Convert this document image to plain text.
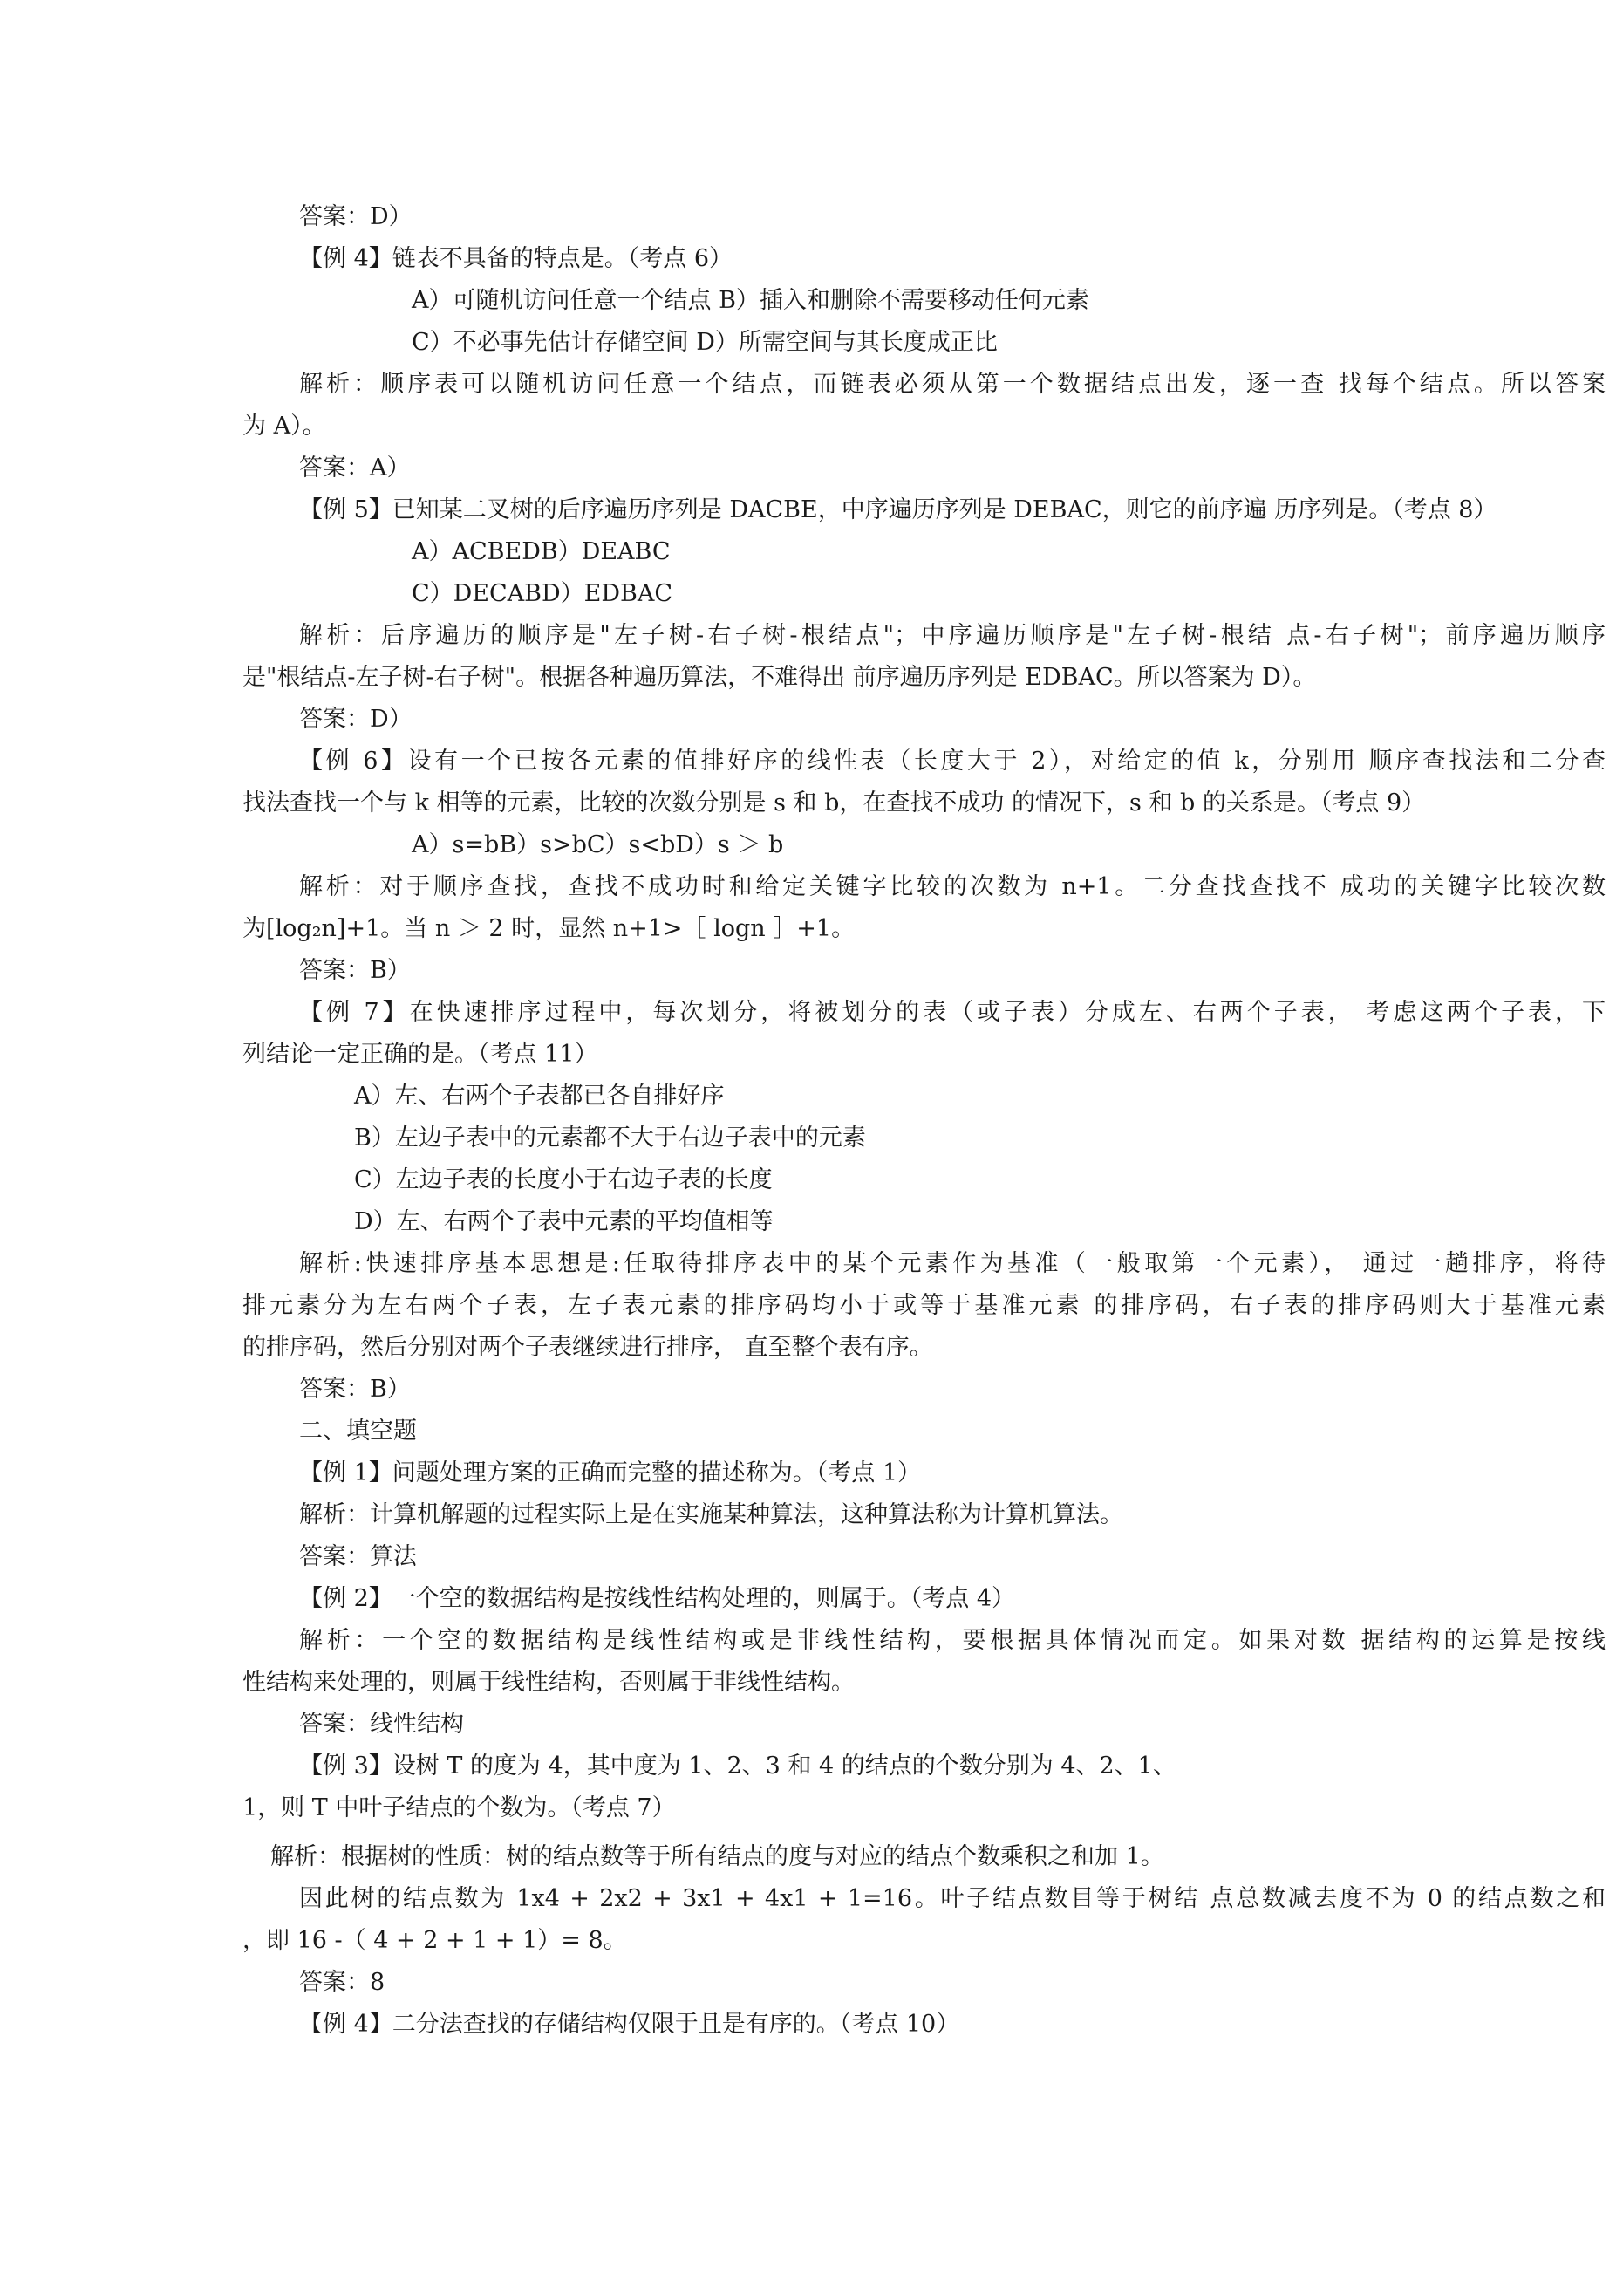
答案：D）
【例 4】链表不具备的特点是。（考点 6）
A）可随机访问任意一个结点 B）插入和删除不需要移动任何元素
C）不必事先估计存储空间 D）所需空间与其长度成正比
解析：顺序表可以随机访问任意一个结点，而链表必须从第一个数据结点出发，逐一查 找每个结点。所以答案
为 A）。
答案：A）
【例 5】已知某二叉树的后序遍历序列是 DACBE，中序遍历序列是 DEBAC，则它的前序遍 历序列是。（考点 8）
A）ACBEDB）DEABC
C）DECABD）EDBAC
解析：后序遍历的顺序是"左子树-右子树-根结点"；中序遍历顺序是"左子树-根结 点-右子树"；前序遍历顺序
是"根结点-左子树-右子树"。根据各种遍历算法，不难得出 前序遍历序列是 EDBAC。所以答案为 D）。
答案：D）
【例 6】设有一个已按各元素的值排好序的线性表（长度大于 2），对给定的值 k，分别用 顺序查找法和二分查
找法查找一个与 k 相等的元素，比较的次数分别是 s 和 b，在查找不成功 的情况下，s 和 b 的关系是。（考点 9）
A）s=bB）s>bC）s<bD）s ＞ b
解析：对于顺序查找，查找不成功时和给定关键字比较的次数为 n+1。二分查找查找不 成功的关键字比较次数
为[log₂n]+1。当 n ＞ 2 时，显然 n+1>［ logn ］+1。
答案：B）
【例 7】在快速排序过程中，每次划分，将被划分的表（或子表）分成左、右两个子表， 考虑这两个子表，下
列结论一定正确的是。（考点 11）
A）左、右两个子表都已各自排好序
B）左边子表中的元素都不大于右边子表中的元素
C）左边子表的长度小于右边子表的长度
D）左、右两个子表中元素的平均值相等
解析:快速排序基本思想是:任取待排序表中的某个元素作为基准（一般取第一个元素）， 通过一趟排序，将待
排元素分为左右两个子表，左子表元素的排序码均小于或等于基准元素 的排序码，右子表的排序码则大于基准元素
的排序码，然后分别对两个子表继续进行排序， 直至整个表有序。
答案：B）
二、填空题
【例 1】问题处理方案的正确而完整的描述称为。（考点 1）
解析：计算机解题的过程实际上是在实施某种算法，这种算法称为计算机算法。
答案：算法
【例 2】一个空的数据结构是按线性结构处理的，则属于。（考点 4）
解析：一个空的数据结构是线性结构或是非线性结构，要根据具体情况而定。如果对数 据结构的运算是按线
性结构来处理的，则属于线性结构，否则属于非线性结构。
答案：线性结构
【例 3】设树 T 的度为 4，其中度为 1、2、3 和 4 的结点的个数分别为 4、2、1、
1，则 T 中叶子结点的个数为。（考点 7）
解析：根据树的性质：树的结点数等于所有结点的度与对应的结点个数乘积之和加 1。
因此树的结点数为 1x4 + 2x2 + 3x1 + 4x1 + 1=16。叶子结点数目等于树结 点总数减去度不为 0 的结点数之和
，即 16 -（ 4 + 2 + 1 + 1）= 8。
答案：8
【例 4】二分法查找的存储结构仅限于且是有序的。（考点 10）
